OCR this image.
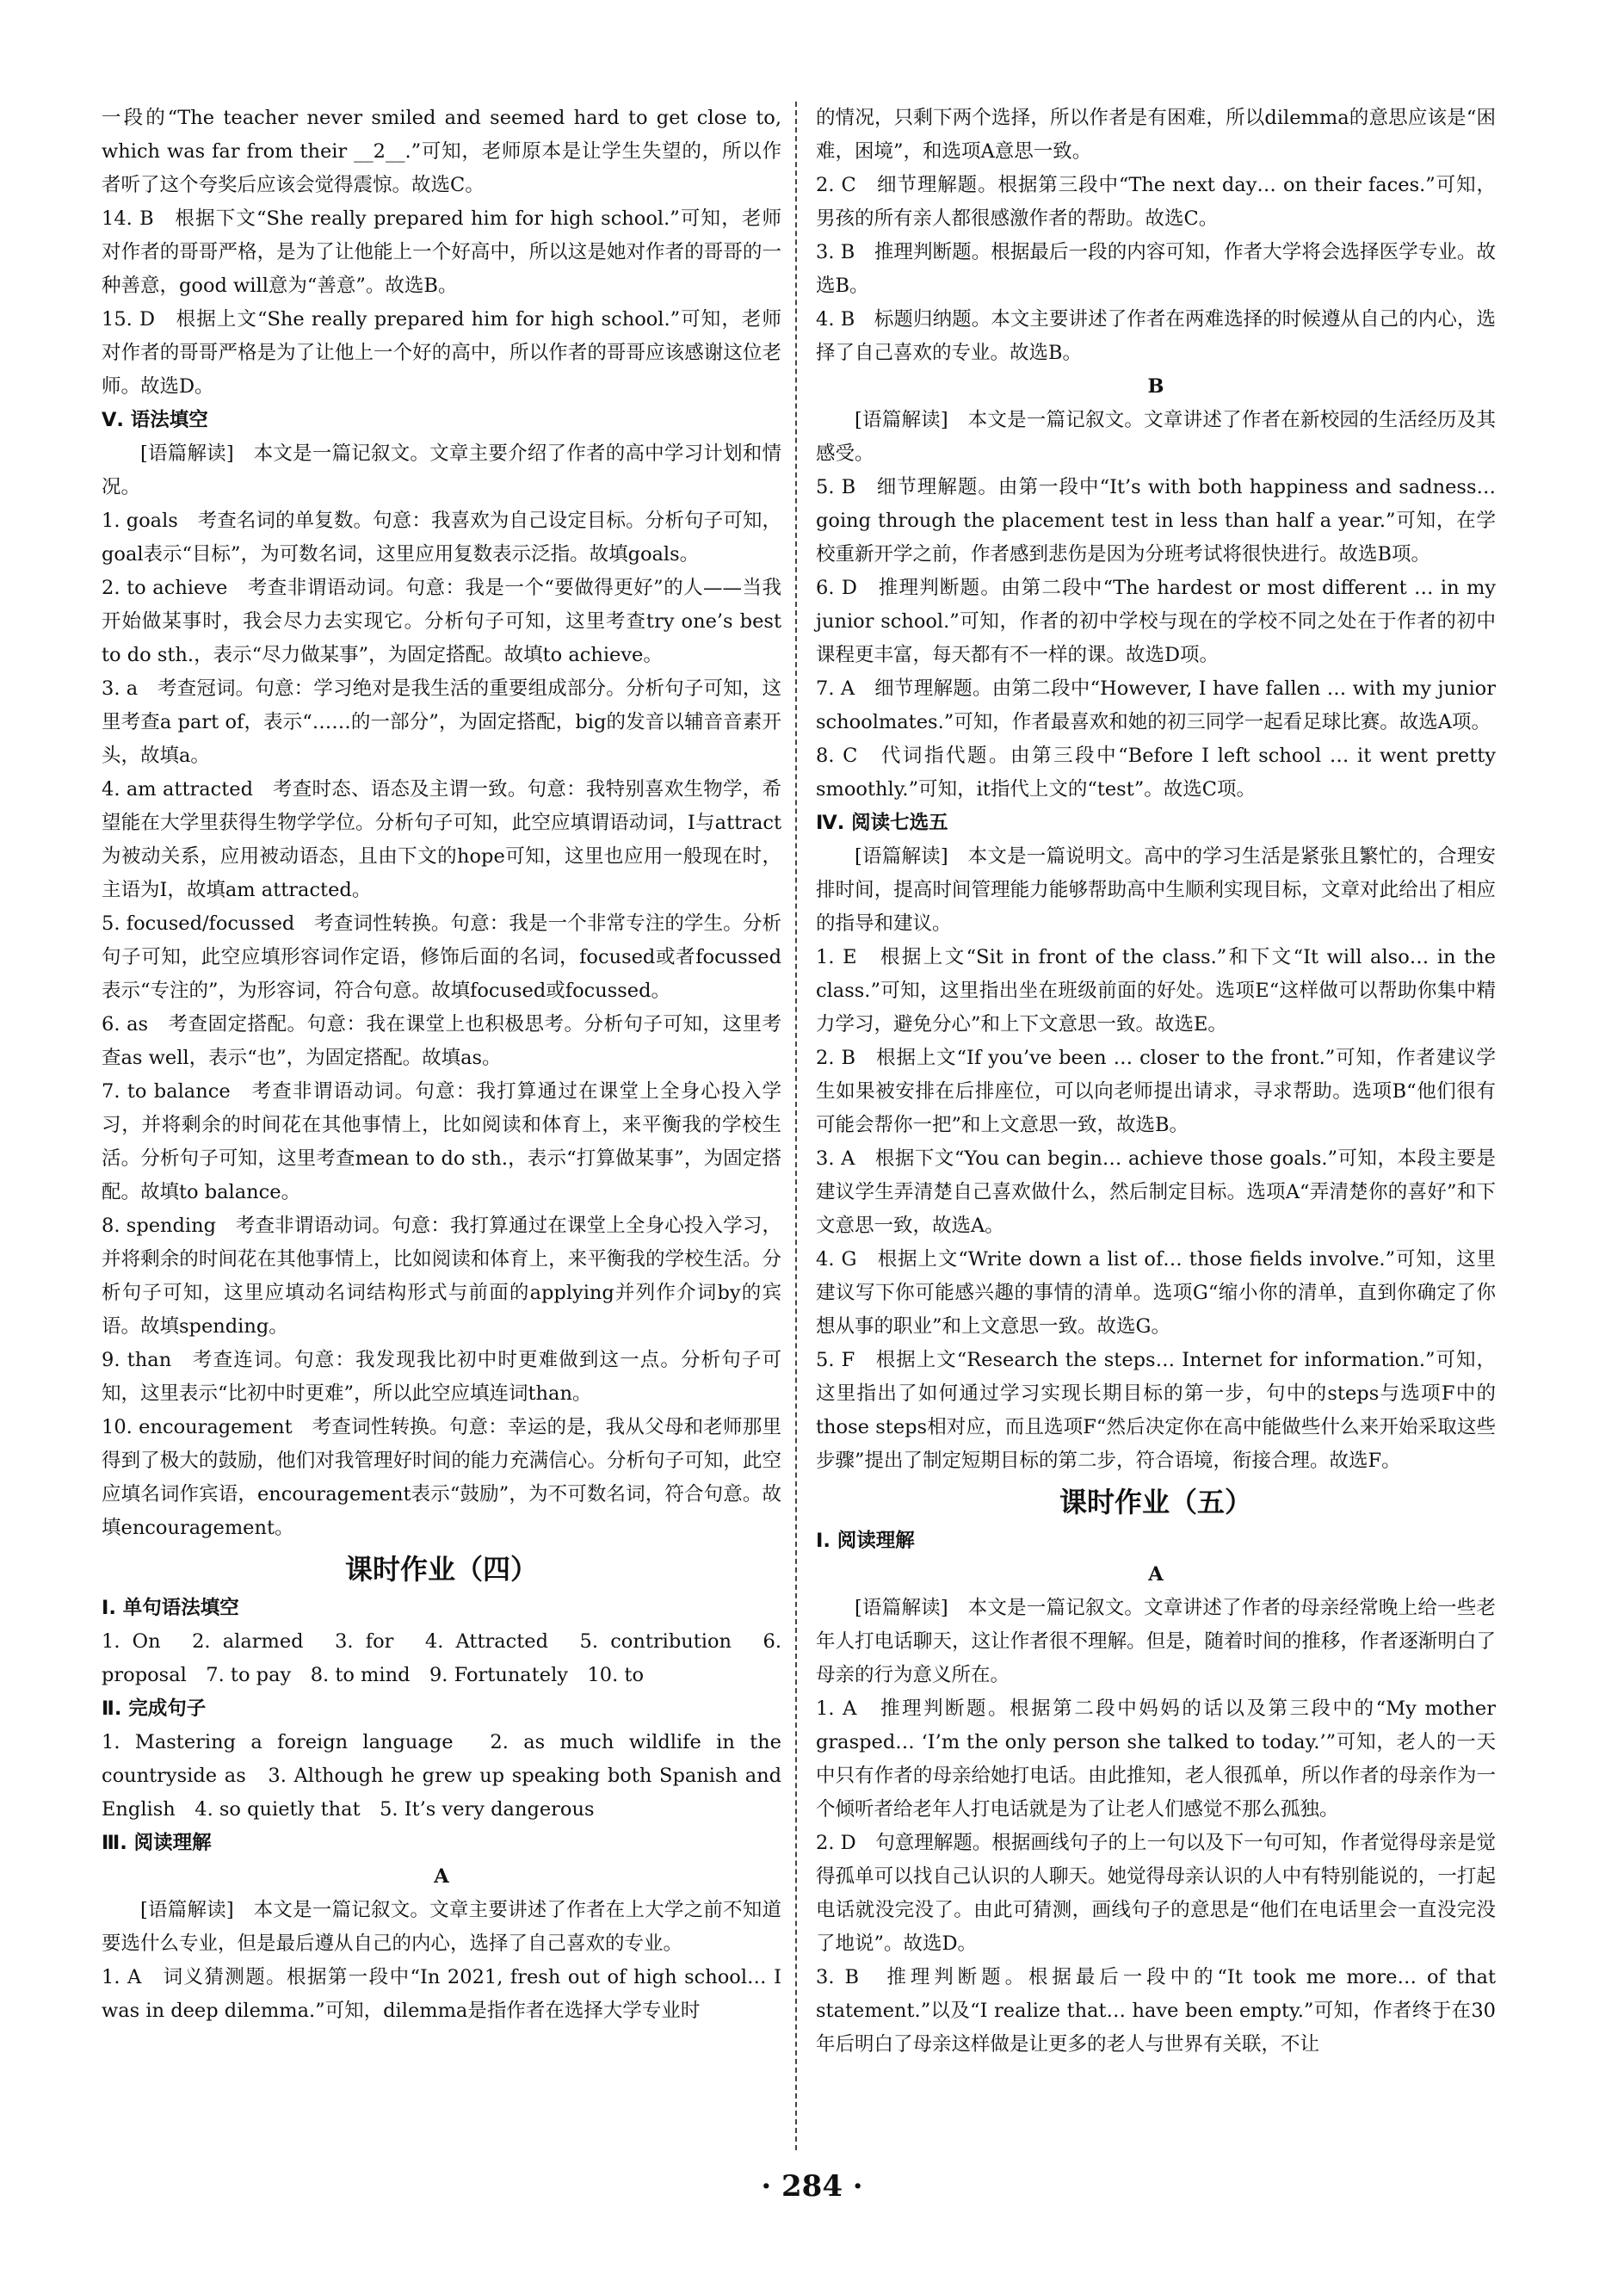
一段的“The teacher never smiled and seemed hard to get close to, which was far from their __2__.”可知，老师原本是让学生失望的，所以作者听了这个夸奖后应该会觉得震惊。故选C。

14. B　根据下文“She really prepared him for high school.”可知，老师对作者的哥哥严格，是为了让他能上一个好高中，所以这是她对作者的哥哥的一种善意，good will意为“善意”。故选B。

15. D　根据上文“She really prepared him for high school.”可知，老师对作者的哥哥严格是为了让他上一个好的高中，所以作者的哥哥应该感谢这位老师。故选D。

Ⅴ. 语法填空

[语篇解读]　本文是一篇记叙文。文章主要介绍了作者的高中学习计划和情况。

1. goals　考查名词的单复数。句意：我喜欢为自己设定目标。分析句子可知，goal表示“目标”，为可数名词，这里应用复数表示泛指。故填goals。

2. to achieve　考查非谓语动词。句意：我是一个“要做得更好”的人——当我开始做某事时，我会尽力去实现它。分析句子可知，这里考查try one’s best to do sth.，表示“尽力做某事”，为固定搭配。故填to achieve。

3. a　考查冠词。句意：学习绝对是我生活的重要组成部分。分析句子可知，这里考查a part of，表示“……的一部分”，为固定搭配，big的发音以辅音音素开头，故填a。

4. am attracted　考查时态、语态及主谓一致。句意：我特别喜欢生物学，希望能在大学里获得生物学学位。分析句子可知，此空应填谓语动词，I与attract为被动关系，应用被动语态，且由下文的hope可知，这里也应用一般现在时，主语为I，故填am attracted。

5. focused/focussed　考查词性转换。句意：我是一个非常专注的学生。分析句子可知，此空应填形容词作定语，修饰后面的名词，focused或者focussed表示“专注的”，为形容词，符合句意。故填focused或focussed。

6. as　考查固定搭配。句意：我在课堂上也积极思考。分析句子可知，这里考查as well，表示“也”，为固定搭配。故填as。

7. to balance　考查非谓语动词。句意：我打算通过在课堂上全身心投入学习，并将剩余的时间花在其他事情上，比如阅读和体育上，来平衡我的学校生活。分析句子可知，这里考查mean to do sth.，表示“打算做某事”，为固定搭配。故填to balance。

8. spending　考查非谓语动词。句意：我打算通过在课堂上全身心投入学习，并将剩余的时间花在其他事情上，比如阅读和体育上，来平衡我的学校生活。分析句子可知，这里应填动名词结构形式与前面的applying并列作介词by的宾语。故填spending。

9. than　考查连词。句意：我发现我比初中时更难做到这一点。分析句子可知，这里表示“比初中时更难”，所以此空应填连词than。

10. encouragement　考查词性转换。句意：幸运的是，我从父母和老师那里得到了极大的鼓励，他们对我管理好时间的能力充满信心。分析句子可知，此空应填名词作宾语，encouragement表示“鼓励”，为不可数名词，符合句意。故填encouragement。

课时作业（四）

Ⅰ. 单句语法填空

1. On　2. alarmed　3. for　4. Attracted　5. contribution　6. proposal　7. to pay　8. to mind　9. Fortunately　10. to

Ⅱ. 完成句子

1. Mastering a foreign language　2. as much wildlife in the countryside as　3. Although he grew up speaking both Spanish and English　4. so quietly that　5. It’s very dangerous

Ⅲ. 阅读理解

A

[语篇解读]　本文是一篇记叙文。文章主要讲述了作者在上大学之前不知道要选什么专业，但是最后遵从自己的内心，选择了自己喜欢的专业。

1. A　词义猜测题。根据第一段中“In 2021, fresh out of high school… I was in deep dilemma.”可知，dilemma是指作者在选择大学专业时

的情况，只剩下两个选择，所以作者是有困难，所以dilemma的意思应该是“困难，困境”，和选项A意思一致。

2. C　细节理解题。根据第三段中“The next day… on their faces.”可知，男孩的所有亲人都很感激作者的帮助。故选C。

3. B　推理判断题。根据最后一段的内容可知，作者大学将会选择医学专业。故选B。

4. B　标题归纳题。本文主要讲述了作者在两难选择的时候遵从自己的内心，选择了自己喜欢的专业。故选B。

B

[语篇解读]　本文是一篇记叙文。文章讲述了作者在新校园的生活经历及其感受。

5. B　细节理解题。由第一段中“It’s with both happiness and sadness… going through the placement test in less than half a year.”可知，在学校重新开学之前，作者感到悲伤是因为分班考试将很快进行。故选B项。

6. D　推理判断题。由第二段中“The hardest or most different … in my junior school.”可知，作者的初中学校与现在的学校不同之处在于作者的初中课程更丰富，每天都有不一样的课。故选D项。

7. A　细节理解题。由第二段中“However, I have fallen … with my junior schoolmates.”可知，作者最喜欢和她的初三同学一起看足球比赛。故选A项。

8. C　代词指代题。由第三段中“Before I left school … it went pretty smoothly.”可知，it指代上文的“test”。故选C项。

Ⅳ. 阅读七选五

[语篇解读]　本文是一篇说明文。高中的学习生活是紧张且繁忙的，合理安排时间，提高时间管理能力能够帮助高中生顺利实现目标，文章对此给出了相应的指导和建议。

1. E　根据上文“Sit in front of the class.”和下文“It will also… in the class.”可知，这里指出坐在班级前面的好处。选项E“这样做可以帮助你集中精力学习，避免分心”和上下文意思一致。故选E。

2. B　根据上文“If you’ve been … closer to the front.”可知，作者建议学生如果被安排在后排座位，可以向老师提出请求，寻求帮助。选项B“他们很有可能会帮你一把”和上文意思一致，故选B。

3. A　根据下文“You can begin… achieve those goals.”可知，本段主要是建议学生弄清楚自己喜欢做什么，然后制定目标。选项A“弄清楚你的喜好”和下文意思一致，故选A。

4. G　根据上文“Write down a list of… those fields involve.”可知，这里建议写下你可能感兴趣的事情的清单。选项G“缩小你的清单，直到你确定了你想从事的职业”和上文意思一致。故选G。

5. F　根据上文“Research the steps… Internet for information.”可知，这里指出了如何通过学习实现长期目标的第一步，句中的steps与选项F中的those steps相对应，而且选项F“然后决定你在高中能做些什么来开始采取这些步骤”提出了制定短期目标的第二步，符合语境，衔接合理。故选F。

课时作业（五）

Ⅰ. 阅读理解

A

[语篇解读]　本文是一篇记叙文。文章讲述了作者的母亲经常晚上给一些老年人打电话聊天，这让作者很不理解。但是，随着时间的推移，作者逐渐明白了母亲的行为意义所在。

1. A　推理判断题。根据第二段中妈妈的话以及第三段中的“My mother grasped… ‘I’m the only person she talked to today.’”可知，老人的一天中只有作者的母亲给她打电话。由此推知，老人很孤单，所以作者的母亲作为一个倾听者给老年人打电话就是为了让老人们感觉不那么孤独。

2. D　句意理解题。根据画线句子的上一句以及下一句可知，作者觉得母亲是觉得孤单可以找自己认识的人聊天。她觉得母亲认识的人中有特别能说的，一打起电话就没完没了。由此可猜测，画线句子的意思是“他们在电话里会一直没完没了地说”。故选D。

3. B　推理判断题。根据最后一段中的“It took me more… of that statement.”以及“I realize that… have been empty.”可知，作者终于在30年后明白了母亲这样做是让更多的老人与世界有关联，不让

· 284 ·
